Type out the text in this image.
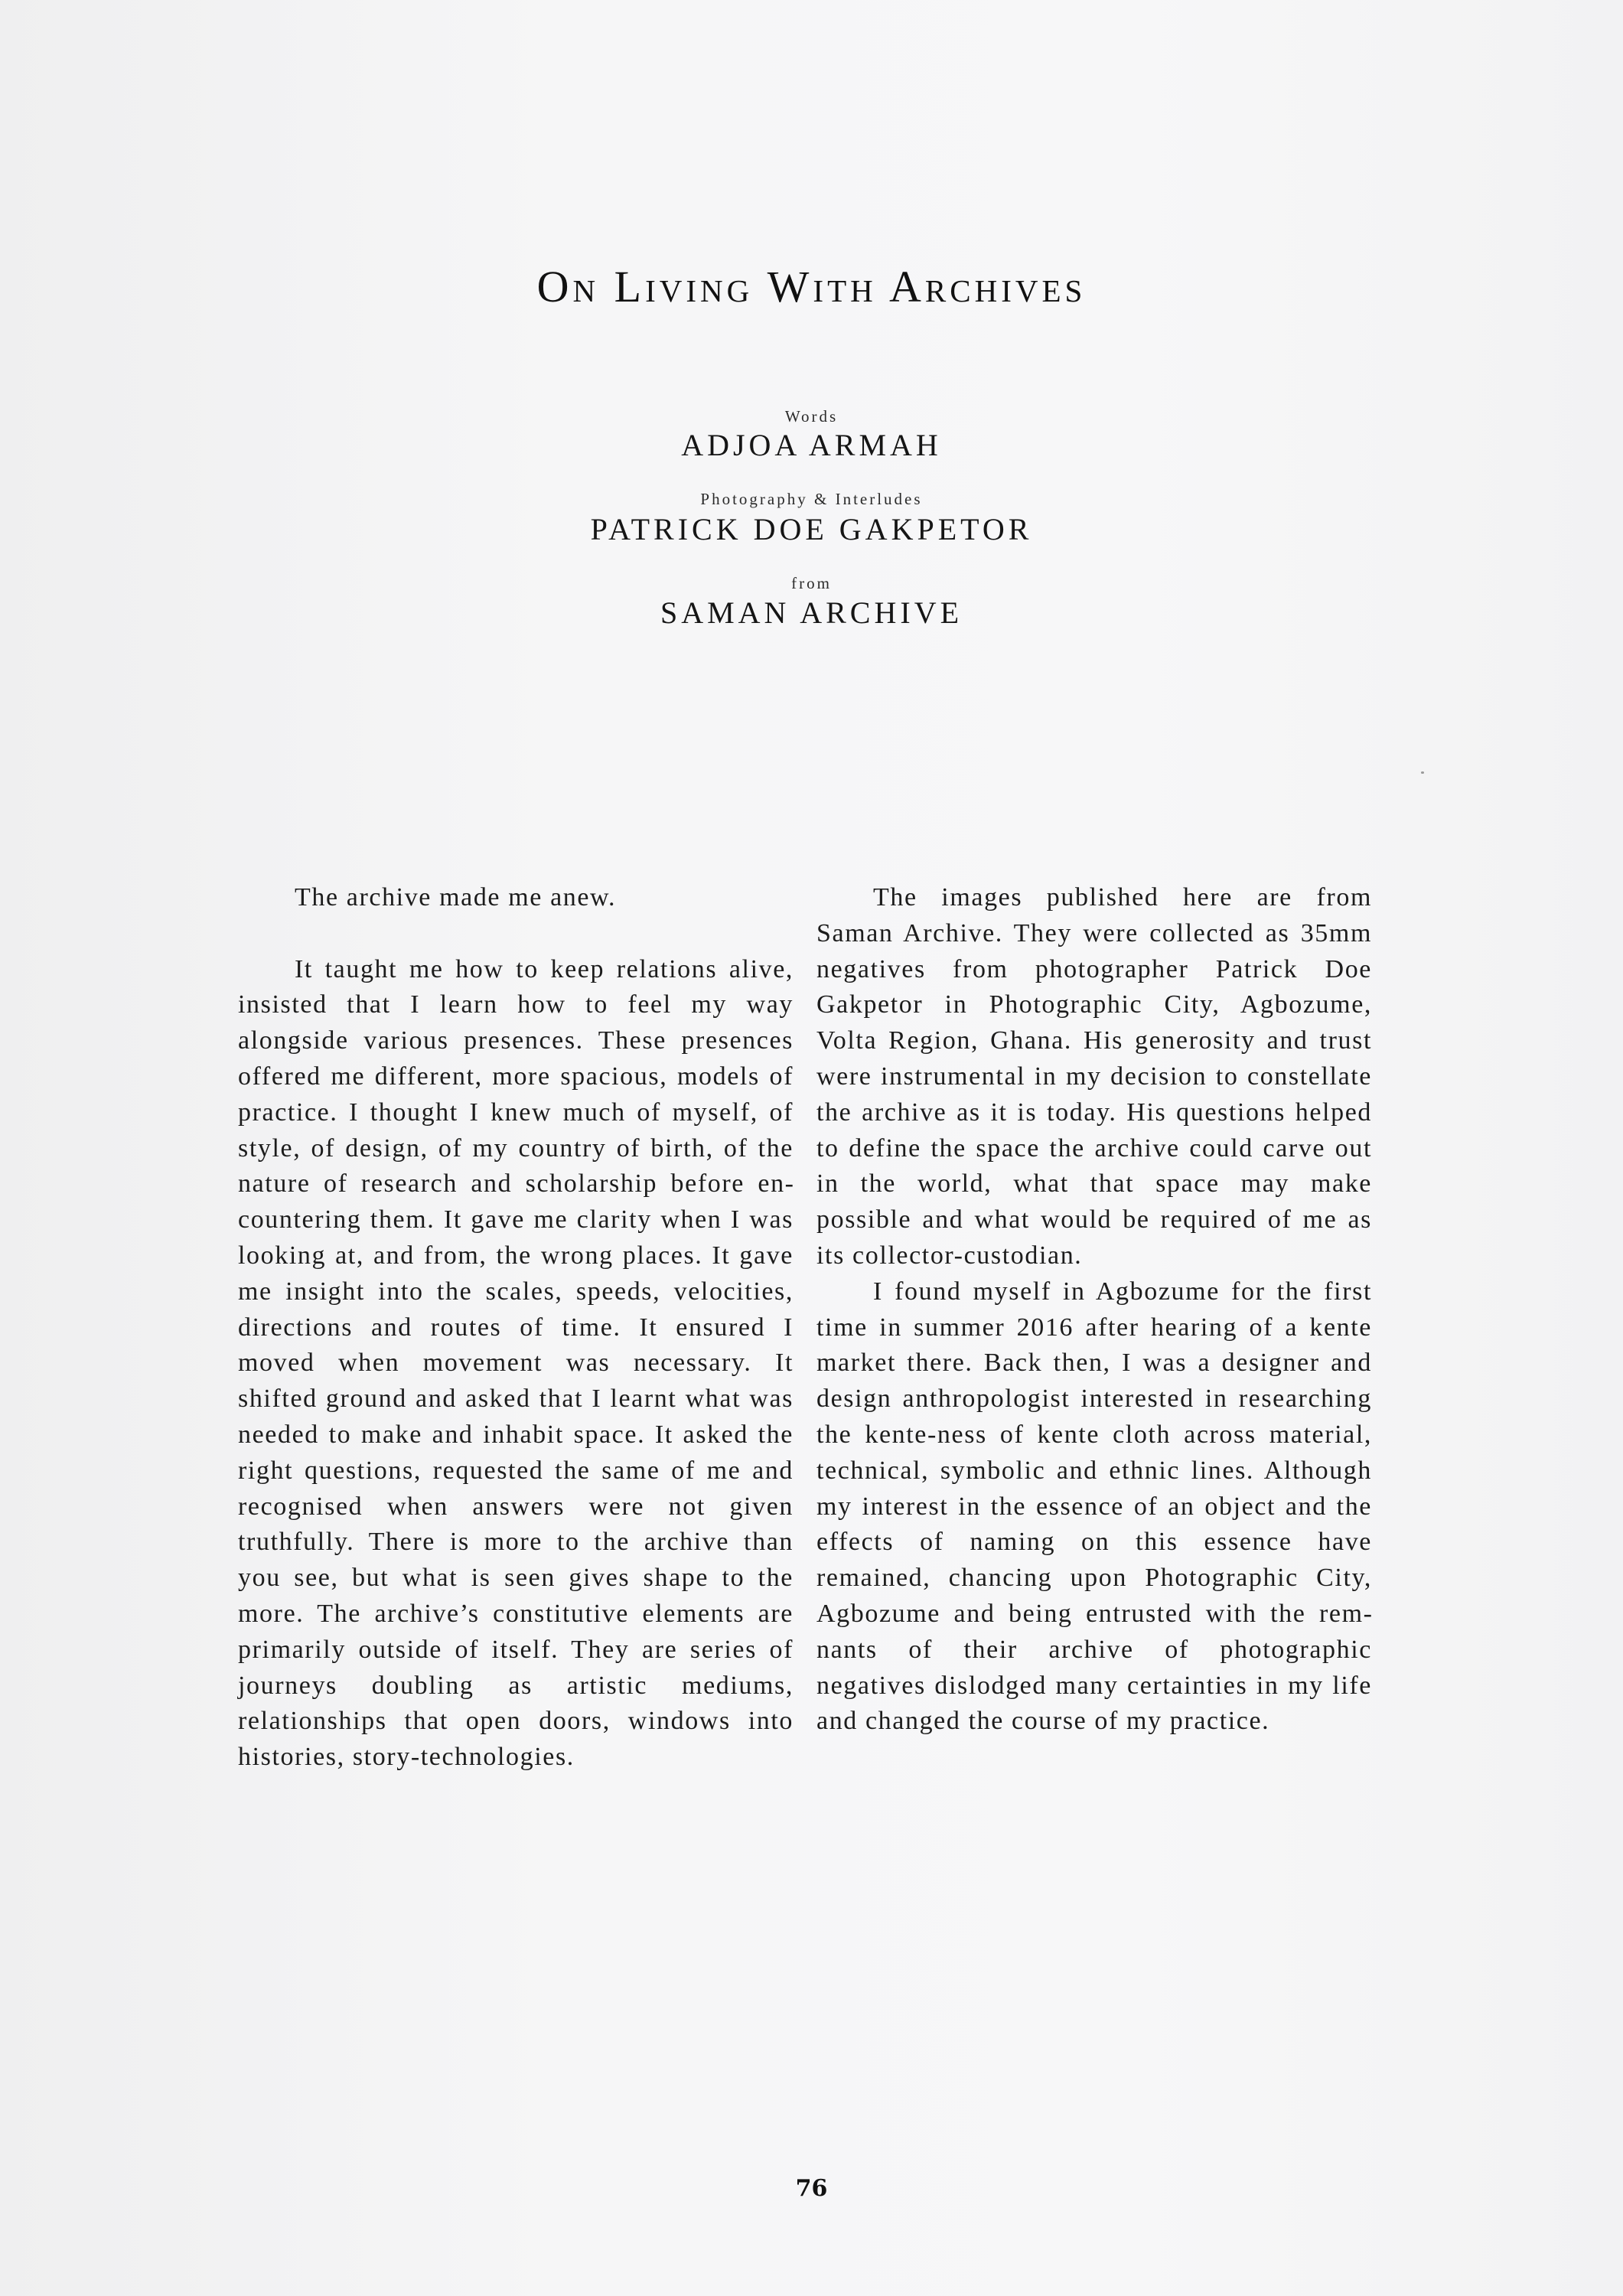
On Living With Archives
Words
ADJOA ARMAH
Photography & Interludes
PATRICK DOE GAKPETOR
from
SAMAN ARCHIVE

The archive made me anew.

It taught me how to keep relations alive, insisted that I learn how to feel my way alongside various presences. These presences offered me different, more spacious, models of practice. I thought I knew much of myself, of style, of design, of my country of birth, of the nature of research and scholarship before encountering them. It gave me clarity when I was looking at, and from, the wrong places. It gave me insight into the scales, speeds, velocities, directions and routes of time. It ensured I moved when movement was necessary. It shifted ground and asked that I learnt what was needed to make and inhabit space. It asked the right questions, requested the same of me and recognised when answers were not given truthfully. There is more to the archive than you see, but what is seen gives shape to the more. The archive’s constitutive elements are primarily outside of itself. They are series of journeys doubling as artistic mediums, relationships that open doors, windows into histories, story-technologies.

The images published here are from Saman Archive. They were collected as 35mm negatives from photographer Patrick Doe Gakpetor in Photographic City, Agbozume, Volta Region, Ghana. His generosity and trust were instrumental in my decision to constellate the archive as it is today. His questions helped to define the space the archive could carve out in the world, what that space may make possible and what would be required of me as its collector-custodian.

I found myself in Agbozume for the first time in summer 2016 after hearing of a kente market there. Back then, I was a designer and design anthropologist interested in researching the kente-ness of kente cloth across material, technical, symbolic and ethnic lines. Although my interest in the essence of an object and the effects of naming on this essence have remained, chancing upon Photographic City, Agbozume and being entrusted with the remnants of their archive of photographic negatives dislodged many certainties in my life and changed the course of my practice.

76
